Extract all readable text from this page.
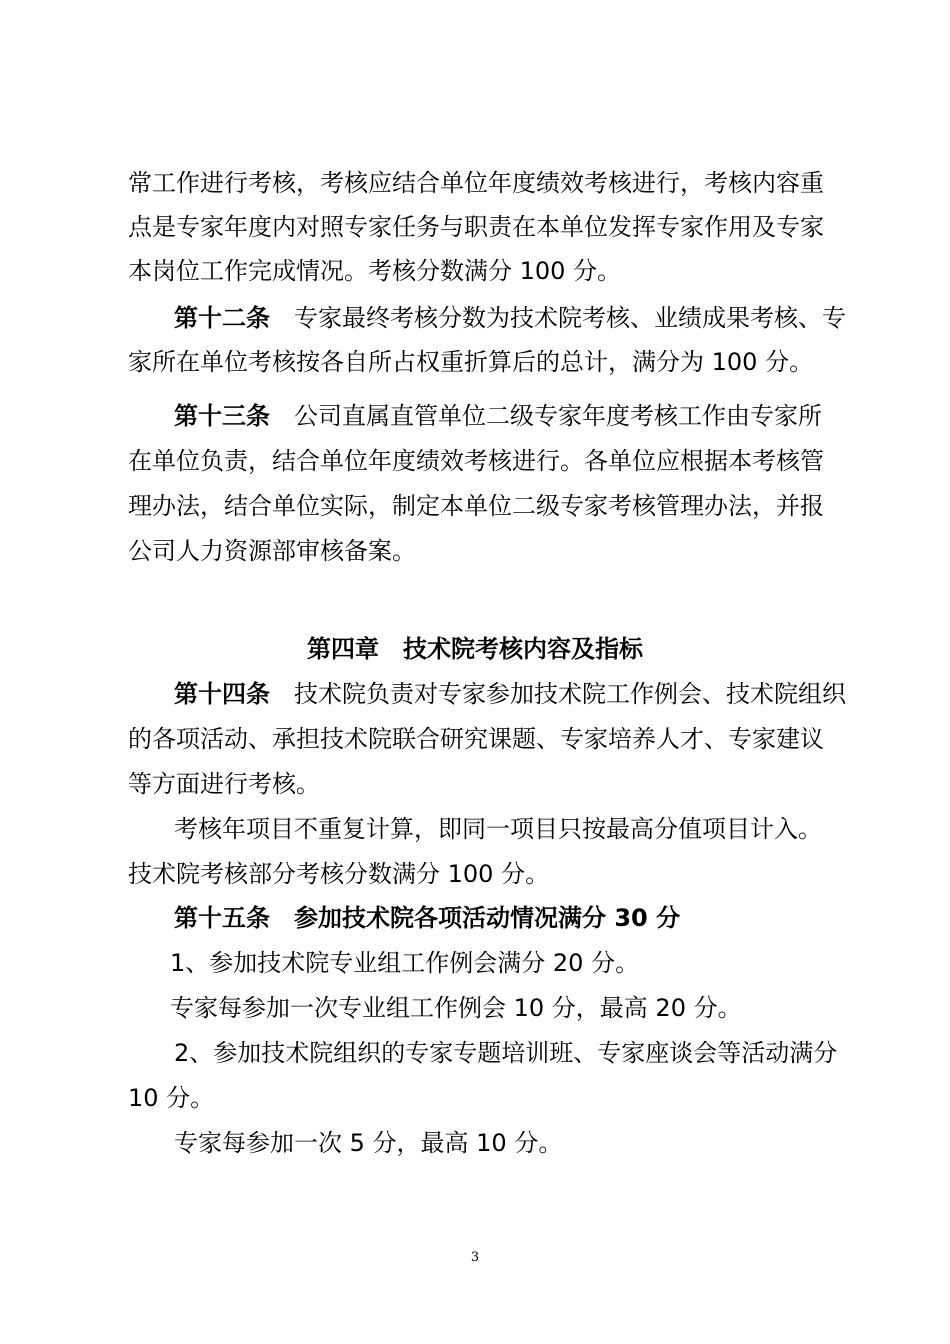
常工作进行考核，考核应结合单位年度绩效考核进行，考核内容重
点是专家年度内对照专家任务与职责在本单位发挥专家作用及专家
本岗位工作完成情况。考核分数满分 100 分。
第十二条 专家最终考核分数为技术院考核、业绩成果考核、专
家所在单位考核按各自所占权重折算后的总计，满分为 100 分。
第十三条 公司直属直管单位二级专家年度考核工作由专家所
在单位负责，结合单位年度绩效考核进行。各单位应根据本考核管
理办法，结合单位实际，制定本单位二级专家考核管理办法，并报
公司人力资源部审核备案。
第四章 技术院考核内容及指标
第十四条 技术院负责对专家参加技术院工作例会、技术院组织
的各项活动、承担技术院联合研究课题、专家培养人才、专家建议
等方面进行考核。
考核年项目不重复计算，即同一项目只按最高分值项目计入。
技术院考核部分考核分数满分 100 分。
第十五条 参加技术院各项活动情况满分 30 分
1、参加技术院专业组工作例会满分 20 分。
专家每参加一次专业组工作例会 10 分，最高 20 分。
2、参加技术院组织的专家专题培训班、专家座谈会等活动满分
10 分。
专家每参加一次 5 分，最高 10 分。
3
